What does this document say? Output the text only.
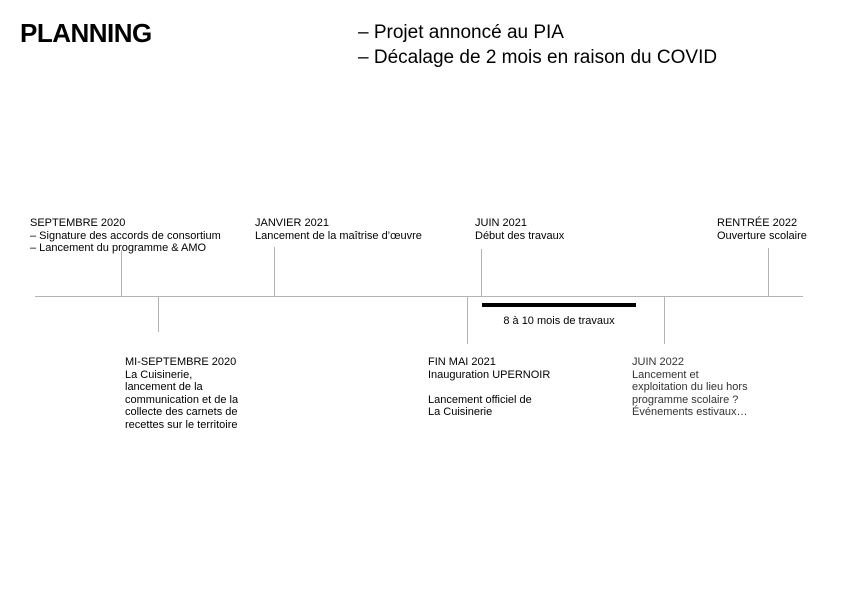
PLANNING	– Projet annoncé au PIA
– Décalage de 2 mois en raison du COVID
SEPTEMBRE 2020
– Signature des accords de consortium
– Lancement du programme & AMO
JANVIER 2021
Lancement de la maîtrise d’œuvre
JUIN 2021
Début des travaux
RENTRÉE 2022
Ouverture scolaire
8 à 10 mois de travaux
MI-SEPTEMBRE 2020
La Cuisinerie,
lancement de la
communication et de la
collecte des carnets de
recettes sur le territoire
FIN MAI 2021
Inauguration UPERNOIR
Lancement officiel de
La Cuisinerie
JUIN 2022
Lancement et
exploitation du lieu hors
programme scolaire ?
Événements estivaux…
